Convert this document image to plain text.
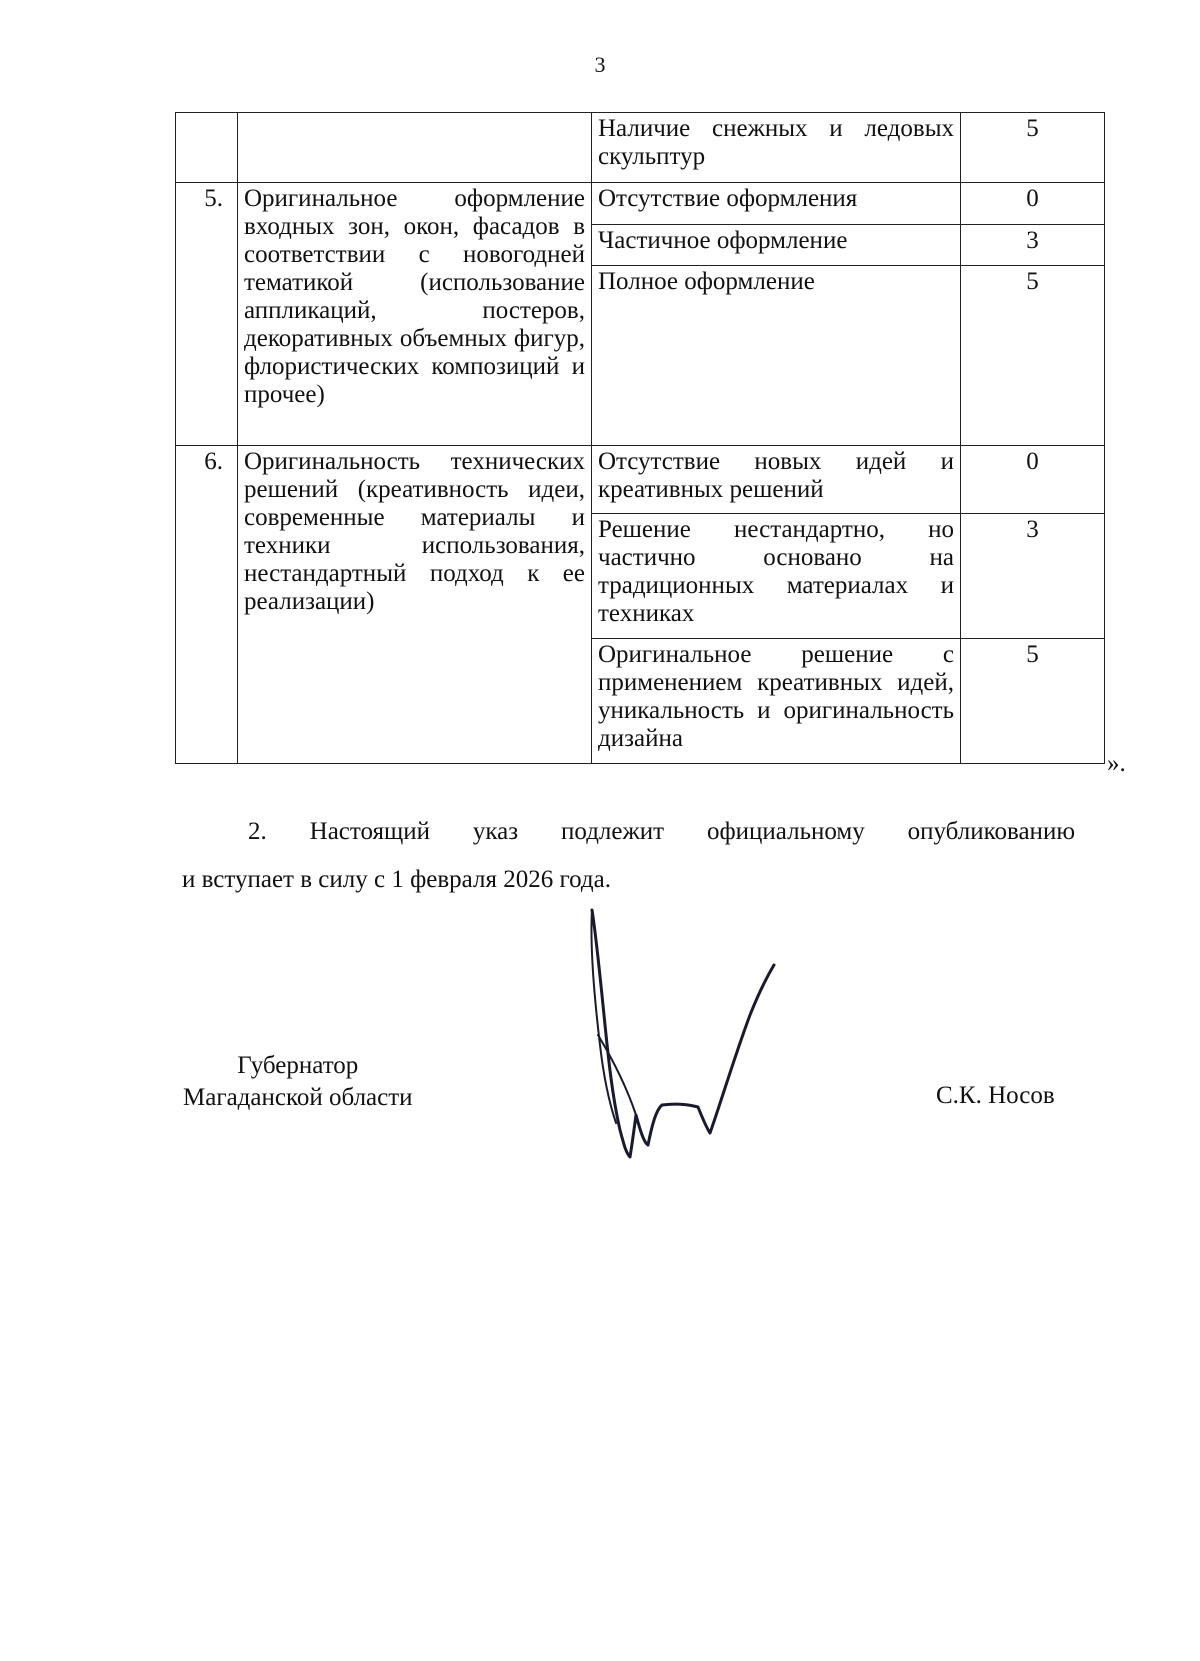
3
		Наличие снежных и ледовых скульптур	5
5.	Оригинальное оформление входных зон, окон, фасадов в соответствии с новогодней тематикой (использование аппликаций, постеров, декоративных объемных фигур, флористических композиций и прочее)	Отсутствие оформления	0
		Частичное оформление	3
		Полное оформление	5
6.	Оригинальность технических решений (креативность идеи, современные материалы и техники использования, нестандартный подход к ее реализации)	Отсутствие новых идей и креативных решений	0
		Решение нестандартно, но частично основано на традиционных материалах и техниках	3
		Оригинальное решение с применением креативных идей, уникальность и оригинальность дизайна	5
».
2. Настоящий указ подлежит официальному опубликованию
и вступает в силу с 1 февраля 2026 года.
Губернатор
Магаданской области	С.К. Носов
